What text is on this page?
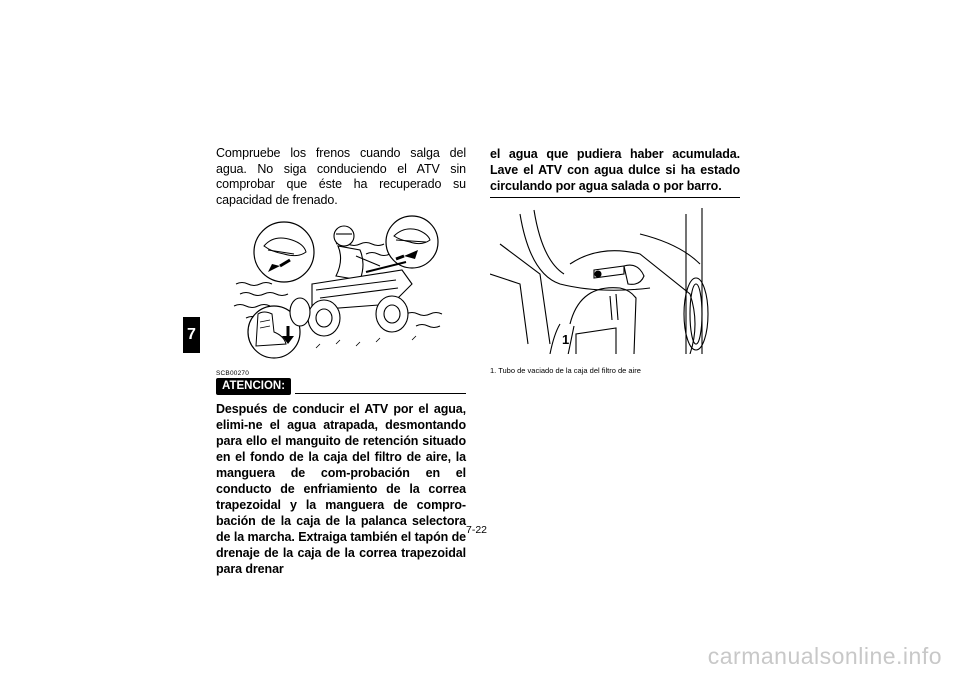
7

Compruebe los frenos cuando salga del agua. No siga conduciendo el ATV sin comprobar que éste ha recuperado su capacidad de frenado.

SCB00270
ATENCION:

Después de conducir el ATV por el agua, elimi-ne el agua atrapada, desmontando para ello el manguito de retención situado en el fondo de la caja del filtro de aire, la manguera de com-probación en el conducto de enfriamiento de la correa trapezoidal y la manguera de compro-bación de la caja de la palanca selectora de la marcha. Extraiga también el tapón de drenaje de la caja de la correa trapezoidal para drenar

el agua que pudiera haber acumulada. Lave el ATV con agua dulce si ha estado circulando por agua salada o por barro.

1
1. Tubo de vaciado de la caja del filtro de aire
7-22
carmanualsonline.info
